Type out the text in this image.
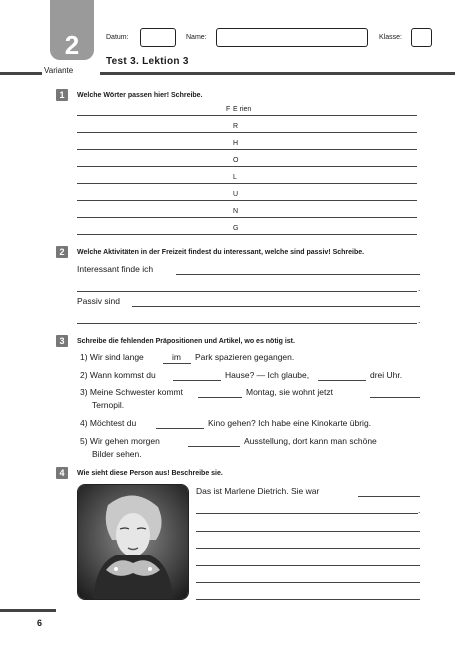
2
Variante
Datum:	Name:	Klasse:
Test 3. Lektion 3
1	Welche Wörter passen hier! Schreibe.
F E rien
R
H
O
L
U
N
G
2	Welche Aktivitäten in der Freizeit findest du interessant, welche sind passiv! Schreibe.
Interessant finde ich
.
Passiv sind
.
3	Schreibe die fehlenden Präpositionen und Artikel, wo es nötig ist.
1) Wir sind lange	im Park spazieren gegangen.
2) Wann kommst du	Hause? — Ich glaube,	drei Uhr.
3) Meine Schwester kommt	Montag, sie wohnt jetzt
Ternopil.
4) Möchtest du	Kino gehen? Ich habe eine Kinokarte übrig.
5) Wir gehen morgen	Ausstellung, dort kann man schöne
Bilder sehen.
4	Wie sieht diese Person aus! Beschreibe sie.
Das ist Marlene Dietrich. Sie war
.
6
